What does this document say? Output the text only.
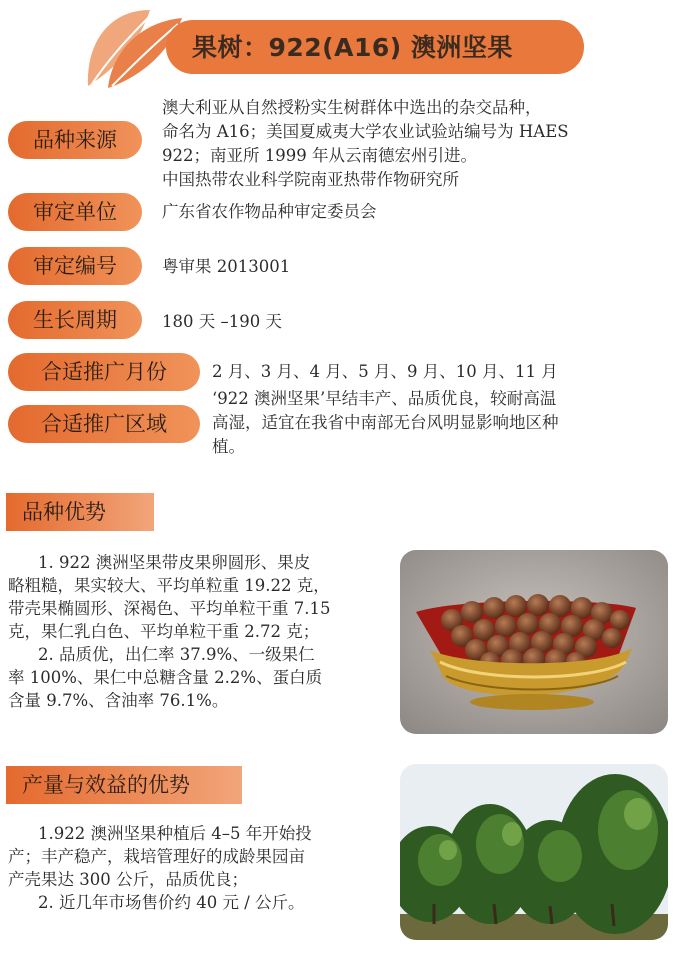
果树：922(A16) 澳洲坚果
品种来源
澳大利亚从自然授粉实生树群体中选出的杂交品种，
命名为 A16；美国夏威夷大学农业试验站编号为 HAES
922；南亚所 1999 年从云南德宏州引进。
中国热带农业科学院南亚热带作物研究所
审定单位	广东省农作物品种审定委员会
审定编号	粤审果 2013001
生长周期	180 天 –190 天
合适推广月份	2 月、3 月、4 月、5 月、9 月、10 月、11 月
合适推广区域
‘922 澳洲坚果’早结丰产、品质优良，较耐高温
高湿，适宜在我省中南部无台风明显影响地区种
植。
品种优势
1. 922 澳洲坚果带皮果卵圆形、果皮
略粗糙，果实较大、平均单粒重 19.22 克，
带壳果椭圆形、深褐色、平均单粒干重 7.15
克，果仁乳白色、平均单粒干重 2.72 克；
2. 品质优，出仁率 37.9%、一级果仁
率 100%、果仁中总糖含量 2.2%、蛋白质
含量 9.7%、含油率 76.1%。
产量与效益的优势
1.922 澳洲坚果种植后 4–5 年开始投
产；丰产稳产，栽培管理好的成龄果园亩
产壳果达 300 公斤，品质优良；
2. 近几年市场售价约 40 元 / 公斤。
